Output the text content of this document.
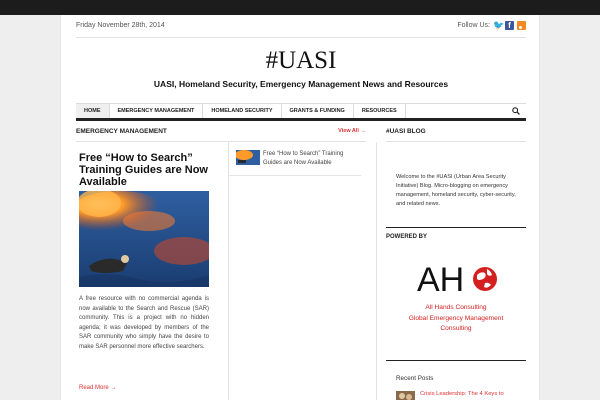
Friday November 28th, 2014	Follow Us: 🐦 f
#UASI
UASI, Homeland Security, Emergency Management News and Resources
HOME	EMERGENCY MANAGEMENT	HOMELAND SECURITY	GRANTS & FUNDING	RESOURCES
EMERGENCY MANAGEMENT	View All →	#UASI BLOG
Free “How to Search” Training Guides are Now Available
A free resource with no commercial agenda is now available to the Search and Rescue (SAR) community. This is a project with no hidden agenda; it was developed by members of the SAR community who simply have the desire to make SAR personnel more effective searchers.
Read More →
Free “How to Search” Training Guides are Now Available
Welcome to the #UASI (Urban Area Security Initiative) Blog. Micro-blogging on emergency management, homeland security, cyber-security, and related news.
POWERED BY
AH
All Hands Consulting
Global Emergency Management
Consulting
Recent Posts
Crisis Leadership: The 4 Keys to
